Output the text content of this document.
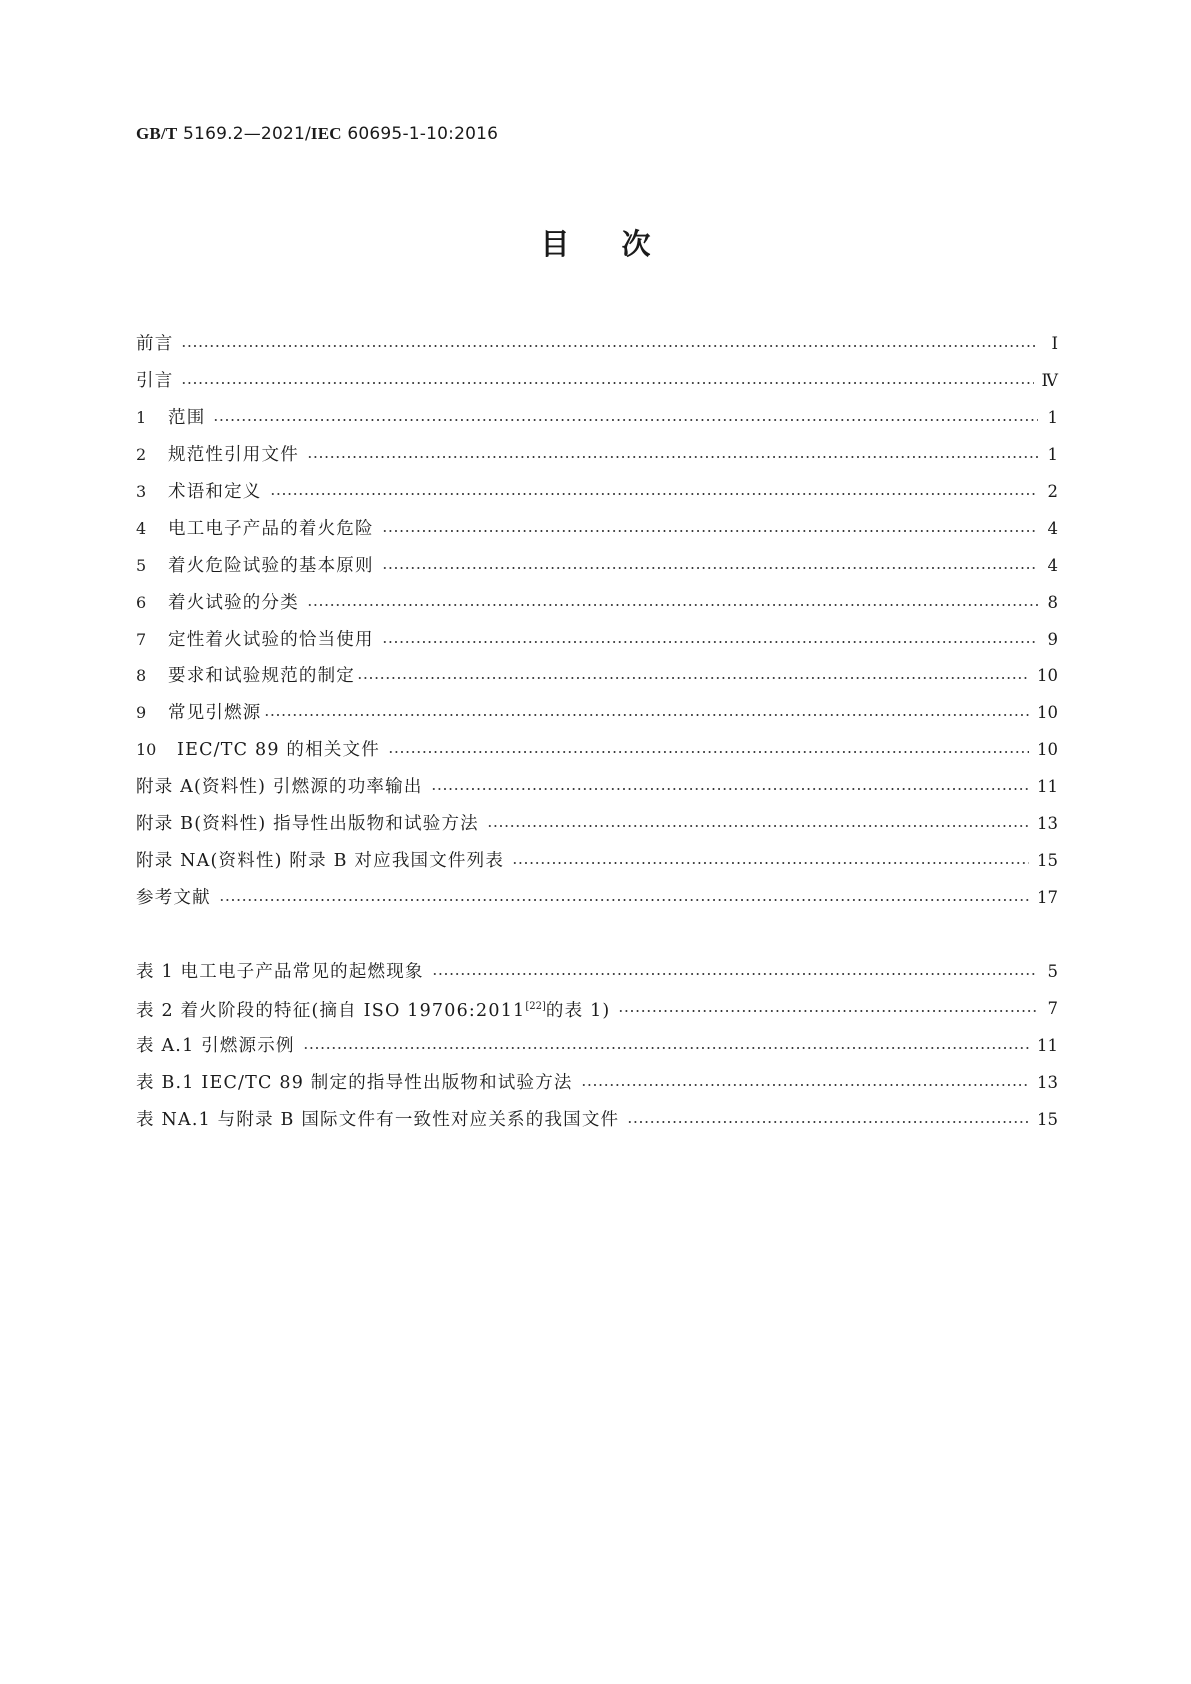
GB/T 5169.2—2021/IEC 60695-1-10:2016
目次
前言	Ⅰ
引言	Ⅳ
1	范围	1
2	规范性引用文件	1
3	术语和定义	2
4	电工电子产品的着火危险	4
5	着火危险试验的基本原则	4
6	着火试验的分类	8
7	定性着火试验的恰当使用	9
8	要求和试验规范的制定	10
9	常见引燃源	10
10	IEC/TC 89 的相关文件	10
附录 A(资料性) 引燃源的功率输出	11
附录 B(资料性) 指导性出版物和试验方法	13
附录 NA(资料性) 附录 B 对应我国文件列表	15
参考文献	17
表 1 电工电子产品常见的起燃现象	5
表 2 着火阶段的特征(摘自 ISO 19706:2011[22]的表 1)	7
表 A.1 引燃源示例	11
表 B.1 IEC/TC 89 制定的指导性出版物和试验方法	13
表 NA.1 与附录 B 国际文件有一致性对应关系的我国文件	15
